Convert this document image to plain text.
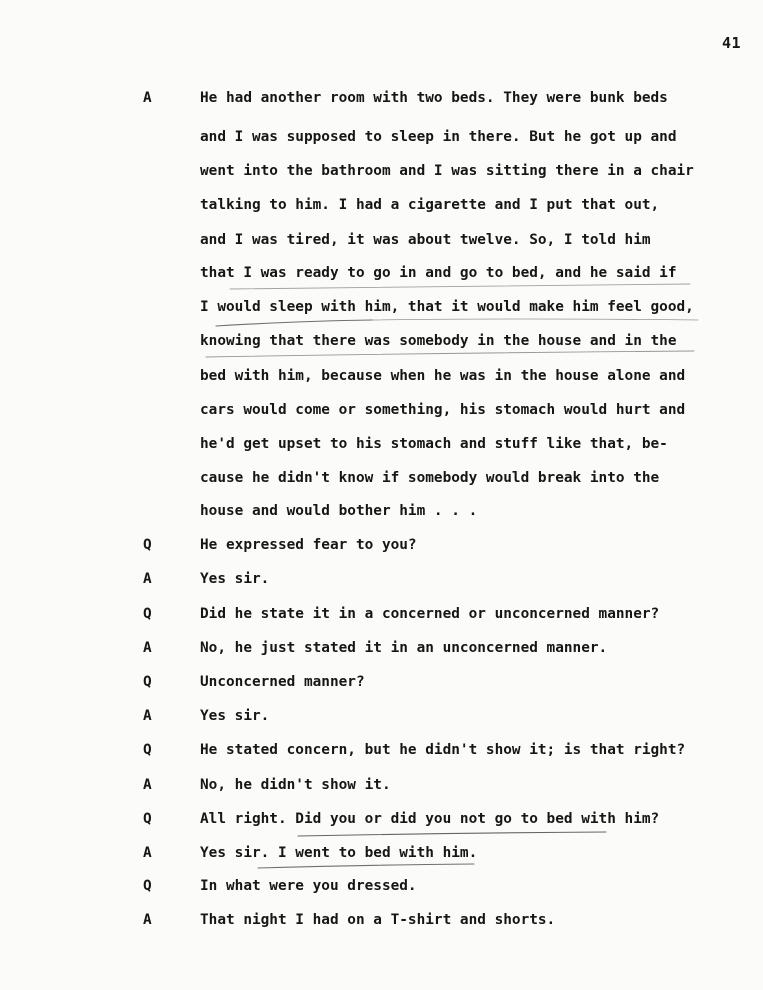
41
A	He had another room with two beds. They were bunk beds
and I was supposed to sleep in there. But he got up and
went into the bathroom and I was sitting there in a chair
talking to him. I had a cigarette and I put that out,
and I was tired, it was about twelve. So, I told him
that I was ready to go in and go to bed, and he said if
I would sleep with him, that it would make him feel good,
knowing that there was somebody in the house and in the
bed with him, because when he was in the house alone and
cars would come or something, his stomach would hurt and
he'd get upset to his stomach and stuff like that, be-
cause he didn't know if somebody would break into the
house and would bother him . . .
Q	He expressed fear to you?
A	Yes sir.
Q	Did he state it in a concerned or unconcerned manner?
A	No, he just stated it in an unconcerned manner.
Q	Unconcerned manner?
A	Yes sir.
Q	He stated concern, but he didn't show it; is that right?
A	No, he didn't show it.
Q	All right. Did you or did you not go to bed with him?
A	Yes sir. I went to bed with him.
Q	In what were you dressed.
A	That night I had on a T-shirt and shorts.
